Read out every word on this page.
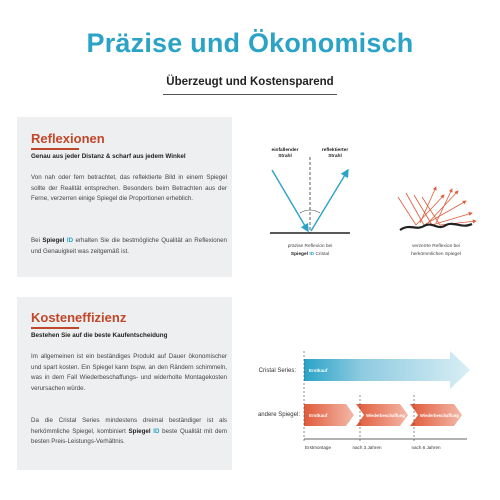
Präzise und Ökonomisch
Überzeugt und Kostensparend
Reflexionen
Genau aus jeder Distanz & scharf aus jedem Winkel
Von nah oder fern betrachtet, das reflektierte Bild in einem Spiegel sollte der Realität entsprechen. Besonders beim Betrachten aus der Ferne, verzerren einige Spiegel die Proportionen erheblich.
Bei Spiegel ID erhalten Sie die bestmögliche Qualität an Reflexionen und Genauigkeit was zeitgemäß ist.
einfallender
Strahl
reflektierter
Strahl
präzise Reflexion bei
Spiegel ID Cristal
verzerrte Reflexion bei
herkömmlichen Spiegel
Kosteneffizienz
Bestehen Sie auf die beste Kaufentscheidung
Im allgemeinen ist ein beständiges Produkt auf Dauer ökonomischer und spart kosten. Ein Spiegel kann bspw. an den Rändern schimmeln, was in dem Fall Wiederbeschaffungs- und widerholte Montagekosten verursachen würde.
Da die Cristal Series mindestens dreimal beständiger ist als herkömmliche Spiegel, kombiniert Spiegel ID beste Qualität mit dem besten Preis-Leistungs-Verhältnis.
Cristal Series:
andere Spiegel:
Erstkauf
Erstkauf	Wiederbeschaffung	Wiederbeschaffung
Erstmontage	nach 3 Jahren	nach 6 Jahren
